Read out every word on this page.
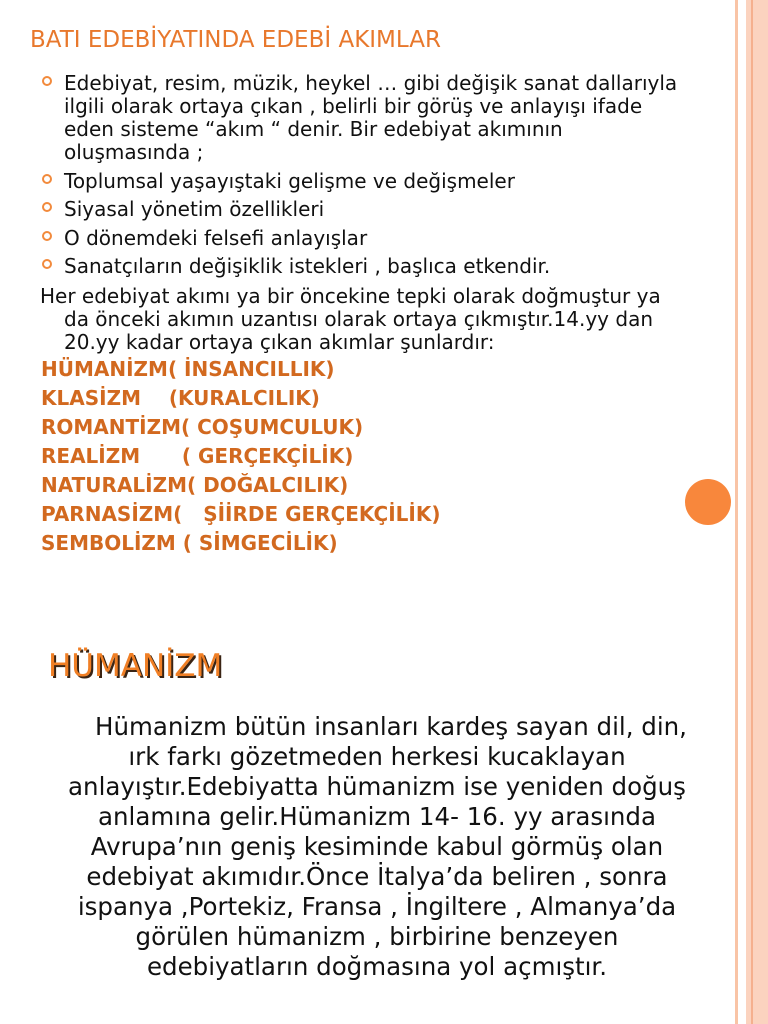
BATI EDEBİYATINDA EDEBİ AKIMLAR
Edebiyat, resim, müzik, heykel … gibi değişik sanat dallarıyla
ilgili olarak ortaya çıkan , belirli bir görüş ve anlayışı ifade
eden sisteme “akım “ denir. Bir edebiyat akımının
oluşmasında ;
Toplumsal yaşayıştaki gelişme ve değişmeler
Siyasal yönetim özellikleri
O dönemdeki felsefi anlayışlar
Sanatçıların değişiklik istekleri , başlıca etkendir.
Her edebiyat akımı ya bir öncekine tepki olarak doğmuştur ya
da önceki akımın uzantısı olarak ortaya çıkmıştır.14.yy dan
20.yy kadar ortaya çıkan akımlar şunlardır:
HÜMANİZM( İNSANCILLIK)
KLASİZM    (KURALCILIK)
ROMANTİZM( COŞUMCULUK)
REALİZM      ( GERÇEKÇİLİK)
NATURALİZM( DOĞALCILIK)
PARNASİZM(   ŞİİRDE GERÇEKÇİLİK)
SEMBOLİZM ( SİMGECİLİK)
HÜMANİZM
Hümanizm bütün insanları kardeş sayan dil, din,
ırk farkı gözetmeden herkesi kucaklayan
anlayıştır.Edebiyatta hümanizm ise yeniden doğuş
anlamına gelir.Hümanizm 14- 16. yy arasında
Avrupa’nın geniş kesiminde kabul görmüş olan
edebiyat akımıdır.Önce İtalya’da beliren , sonra
ispanya ,Portekiz, Fransa , İngiltere , Almanya’da
görülen hümanizm , birbirine benzeyen
edebiyatların doğmasına yol açmıştır.
